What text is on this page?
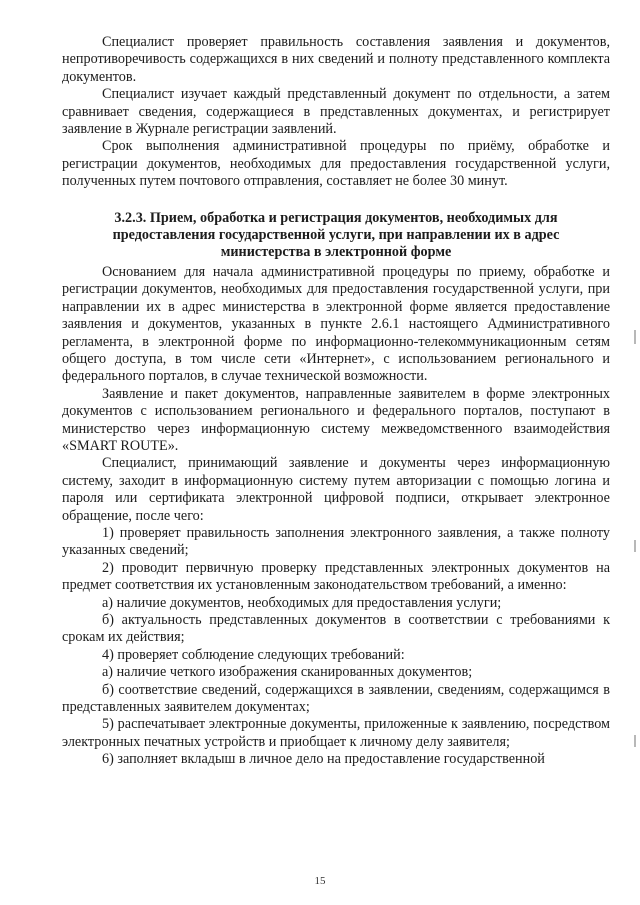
Специалист проверяет правильность составления заявления и документов, непротиворечивость содержащихся в них сведений и полноту представленного комплекта документов.

Специалист изучает каждый представленный документ по отдельности, а затем сравнивает сведения, содержащиеся в представленных документах, и регистрирует заявление в Журнале регистрации заявлений.

Срок выполнения административной процедуры по приёму, обработке и регистрации документов, необходимых для предоставления государственной услуги, полученных путем почтового отправления, составляет не более 30 минут.

3.2.3. Прием, обработка и регистрация документов, необходимых для предоставления государственной услуги, при направлении их в адрес министерства в электронной форме

Основанием для начала административной процедуры по приему, обработке и регистрации документов, необходимых для предоставления государственной услуги, при направлении их в адрес министерства в электронной форме является предоставление заявления и документов, указанных в пункте 2.6.1 настоящего Административного регламента, в электронной форме по информационно-телекоммуникационным сетям общего доступа, в том числе сети «Интернет», с использованием регионального и федерального порталов, в случае технической возможности.

Заявление и пакет документов, направленные заявителем в форме электронных документов с использованием регионального и федерального порталов, поступают в министерство через информационную систему межведомственного взаимодействия «SMART ROUTE».

Специалист, принимающий заявление и документы через информационную систему, заходит в информационную систему путем авторизации с помощью логина и пароля или сертификата электронной цифровой подписи, открывает электронное обращение, после чего:

1) проверяет правильность заполнения электронного заявления, а также полноту указанных сведений;

2) проводит первичную проверку представленных электронных документов на предмет соответствия их установленным законодательством требований, а именно:

а) наличие документов, необходимых для предоставления услуги;

б) актуальность представленных документов в соответствии с требованиями к срокам их действия;

4) проверяет соблюдение следующих требований:

а) наличие четкого изображения сканированных документов;

б) соответствие сведений, содержащихся в заявлении, сведениям, содержащимся в представленных заявителем документах;

5) распечатывает электронные документы, приложенные к заявлению, посредством электронных печатных устройств и приобщает к личному делу заявителя;

6) заполняет вкладыш в личное дело на предоставление государственной

15
